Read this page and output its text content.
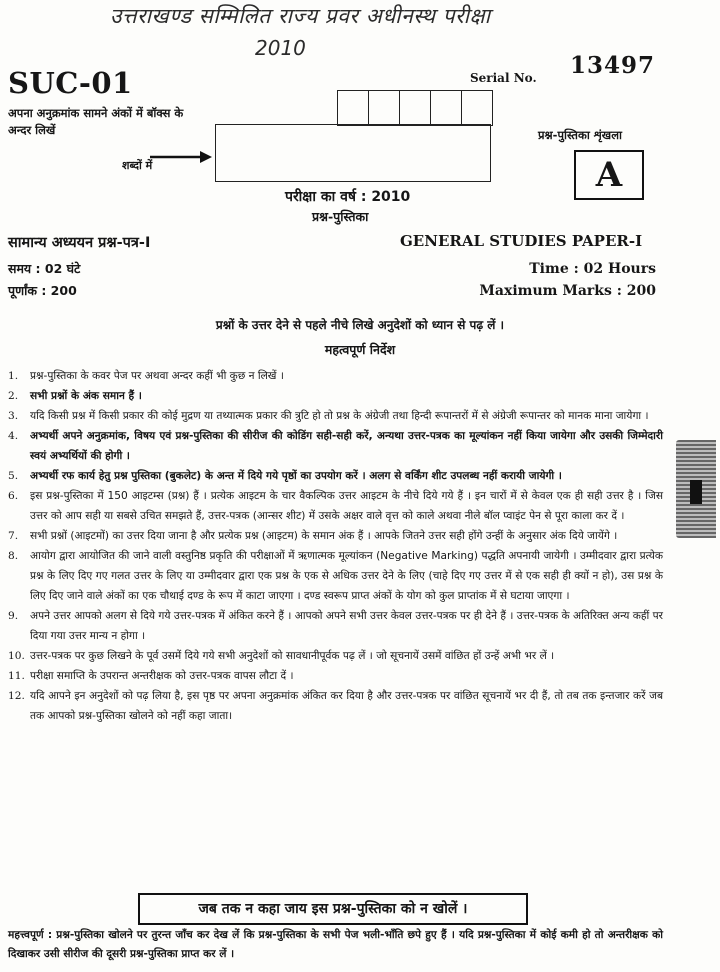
उत्तराखण्ड सम्मिलित राज्य प्रवर अधीनस्थ परीक्षा
2010
SUC-01	Serial No. 13497
अपना अनुक्रमांक सामने अंकों में बॉक्स के अन्दर लिखें
शब्दों में
प्रश्न-पुस्तिका शृंखला
A
परीक्षा का वर्ष : 2010
प्रश्न-पुस्तिका
सामान्य अध्ययन प्रश्न-पत्र-I	GENERAL STUDIES PAPER-I
समय : 02 घंटे
पूर्णांक : 200
Time : 02 Hours
Maximum Marks : 200
प्रश्नों के उत्तर देने से पहले नीचे लिखे अनुदेशों को ध्यान से पढ़ लें ।
महत्वपूर्ण निर्देश
1.	प्रश्न-पुस्तिका के कवर पेज पर अथवा अन्दर कहीं भी कुछ न लिखें ।
2.	सभी प्रश्नों के अंक समान हैं ।
3.	यदि किसी प्रश्न में किसी प्रकार की कोई मुद्रण या तथ्यात्मक प्रकार की त्रुटि हो तो प्रश्न के अंग्रेजी तथा हिन्दी रूपान्तरों में से अंग्रेजी रूपान्तर को मानक माना जायेगा ।
4.	अभ्यर्थी अपने अनुक्रमांक, विषय एवं प्रश्न-पुस्तिका की सीरीज की कोडिंग सही-सही करें, अन्यथा उत्तर-पत्रक का मूल्यांकन नहीं किया जायेगा और उसकी जिम्मेदारी स्वयं अभ्यर्थियों की होगी ।
5.	अभ्यर्थी रफ कार्य हेतु प्रश्न पुस्तिका (बुकलेट) के अन्त में दिये गये पृष्ठों का उपयोग करें । अलग से वर्किंग शीट उपलब्ध नहीं करायी जायेगी ।
6.	इस प्रश्न-पुस्तिका में 150 आइटम्स (प्रश्न) हैं । प्रत्येक आइटम के चार वैकल्पिक उत्तर आइटम के नीचे दिये गये हैं । इन चारों में से केवल एक ही सही उत्तर है । जिस उत्तर को आप सही या सबसे उचित समझते हैं, उत्तर-पत्रक (आन्सर शीट) में उसके अक्षर वाले वृत्त को काले अथवा नीले बॉल प्वाइंट पेन से पूरा काला कर दें ।
7.	सभी प्रश्नों (आइटमों) का उत्तर दिया जाना है और प्रत्येक प्रश्न (आइटम) के समान अंक हैं । आपके जितने उत्तर सही होंगे उन्हीं के अनुसार अंक दिये जायेंगे ।
8.	आयोग द्वारा आयोजित की जाने वाली वस्तुनिष्ठ प्रकृति की परीक्षाओं में ऋणात्मक मूल्यांकन (Negative Marking) पद्धति अपनायी जायेगी । उम्मीदवार द्वारा प्रत्येक प्रश्न के लिए दिए गए गलत उत्तर के लिए या उम्मीदवार द्वारा एक प्रश्न के एक से अधिक उत्तर देने के लिए (चाहे दिए गए उत्तर में से एक सही ही क्यों न हो), उस प्रश्न के लिए दिए जाने वाले अंकों का एक चौथाई दण्ड के रूप में काटा जाएगा । दण्ड स्वरूप प्राप्त अंकों के योग को कुल प्राप्तांक में से घटाया जाएगा ।
9.	अपने उत्तर आपको अलग से दिये गये उत्तर-पत्रक में अंकित करने हैं । आपको अपने सभी उत्तर केवल उत्तर-पत्रक पर ही देने हैं । उत्तर-पत्रक के अतिरिक्त अन्य कहीं पर दिया गया उत्तर मान्य न होगा ।
10. उत्तर-पत्रक पर कुछ लिखने के पूर्व उसमें दिये गये सभी अनुदेशों को सावधानीपूर्वक पढ़ लें । जो सूचनायें उसमें वांछित हों उन्हें अभी भर लें ।
11. परीक्षा समाप्ति के उपरान्त अन्तरीक्षक को उत्तर-पत्रक वापस लौटा दें ।
12. यदि आपने इन अनुदेशों को पढ़ लिया है, इस पृष्ठ पर अपना अनुक्रमांक अंकित कर दिया है और उत्तर-पत्रक पर वांछित सूचनायें भर दी हैं, तो तब तक इन्तजार करें जब तक आपको प्रश्न-पुस्तिका खोलने को नहीं कहा जाता।
जब तक न कहा जाय इस प्रश्न-पुस्तिका को न खोलें ।
महत्त्वपूर्ण : प्रश्न-पुस्तिका खोलने पर तुरन्त जाँच कर देख लें कि प्रश्न-पुस्तिका के सभी पेज भली-भाँति छपे हुए हैं । यदि प्रश्न-पुस्तिका में कोई कमी हो तो अन्तरीक्षक को दिखाकर उसी सीरीज की दूसरी प्रश्न-पुस्तिका प्राप्त कर लें ।
